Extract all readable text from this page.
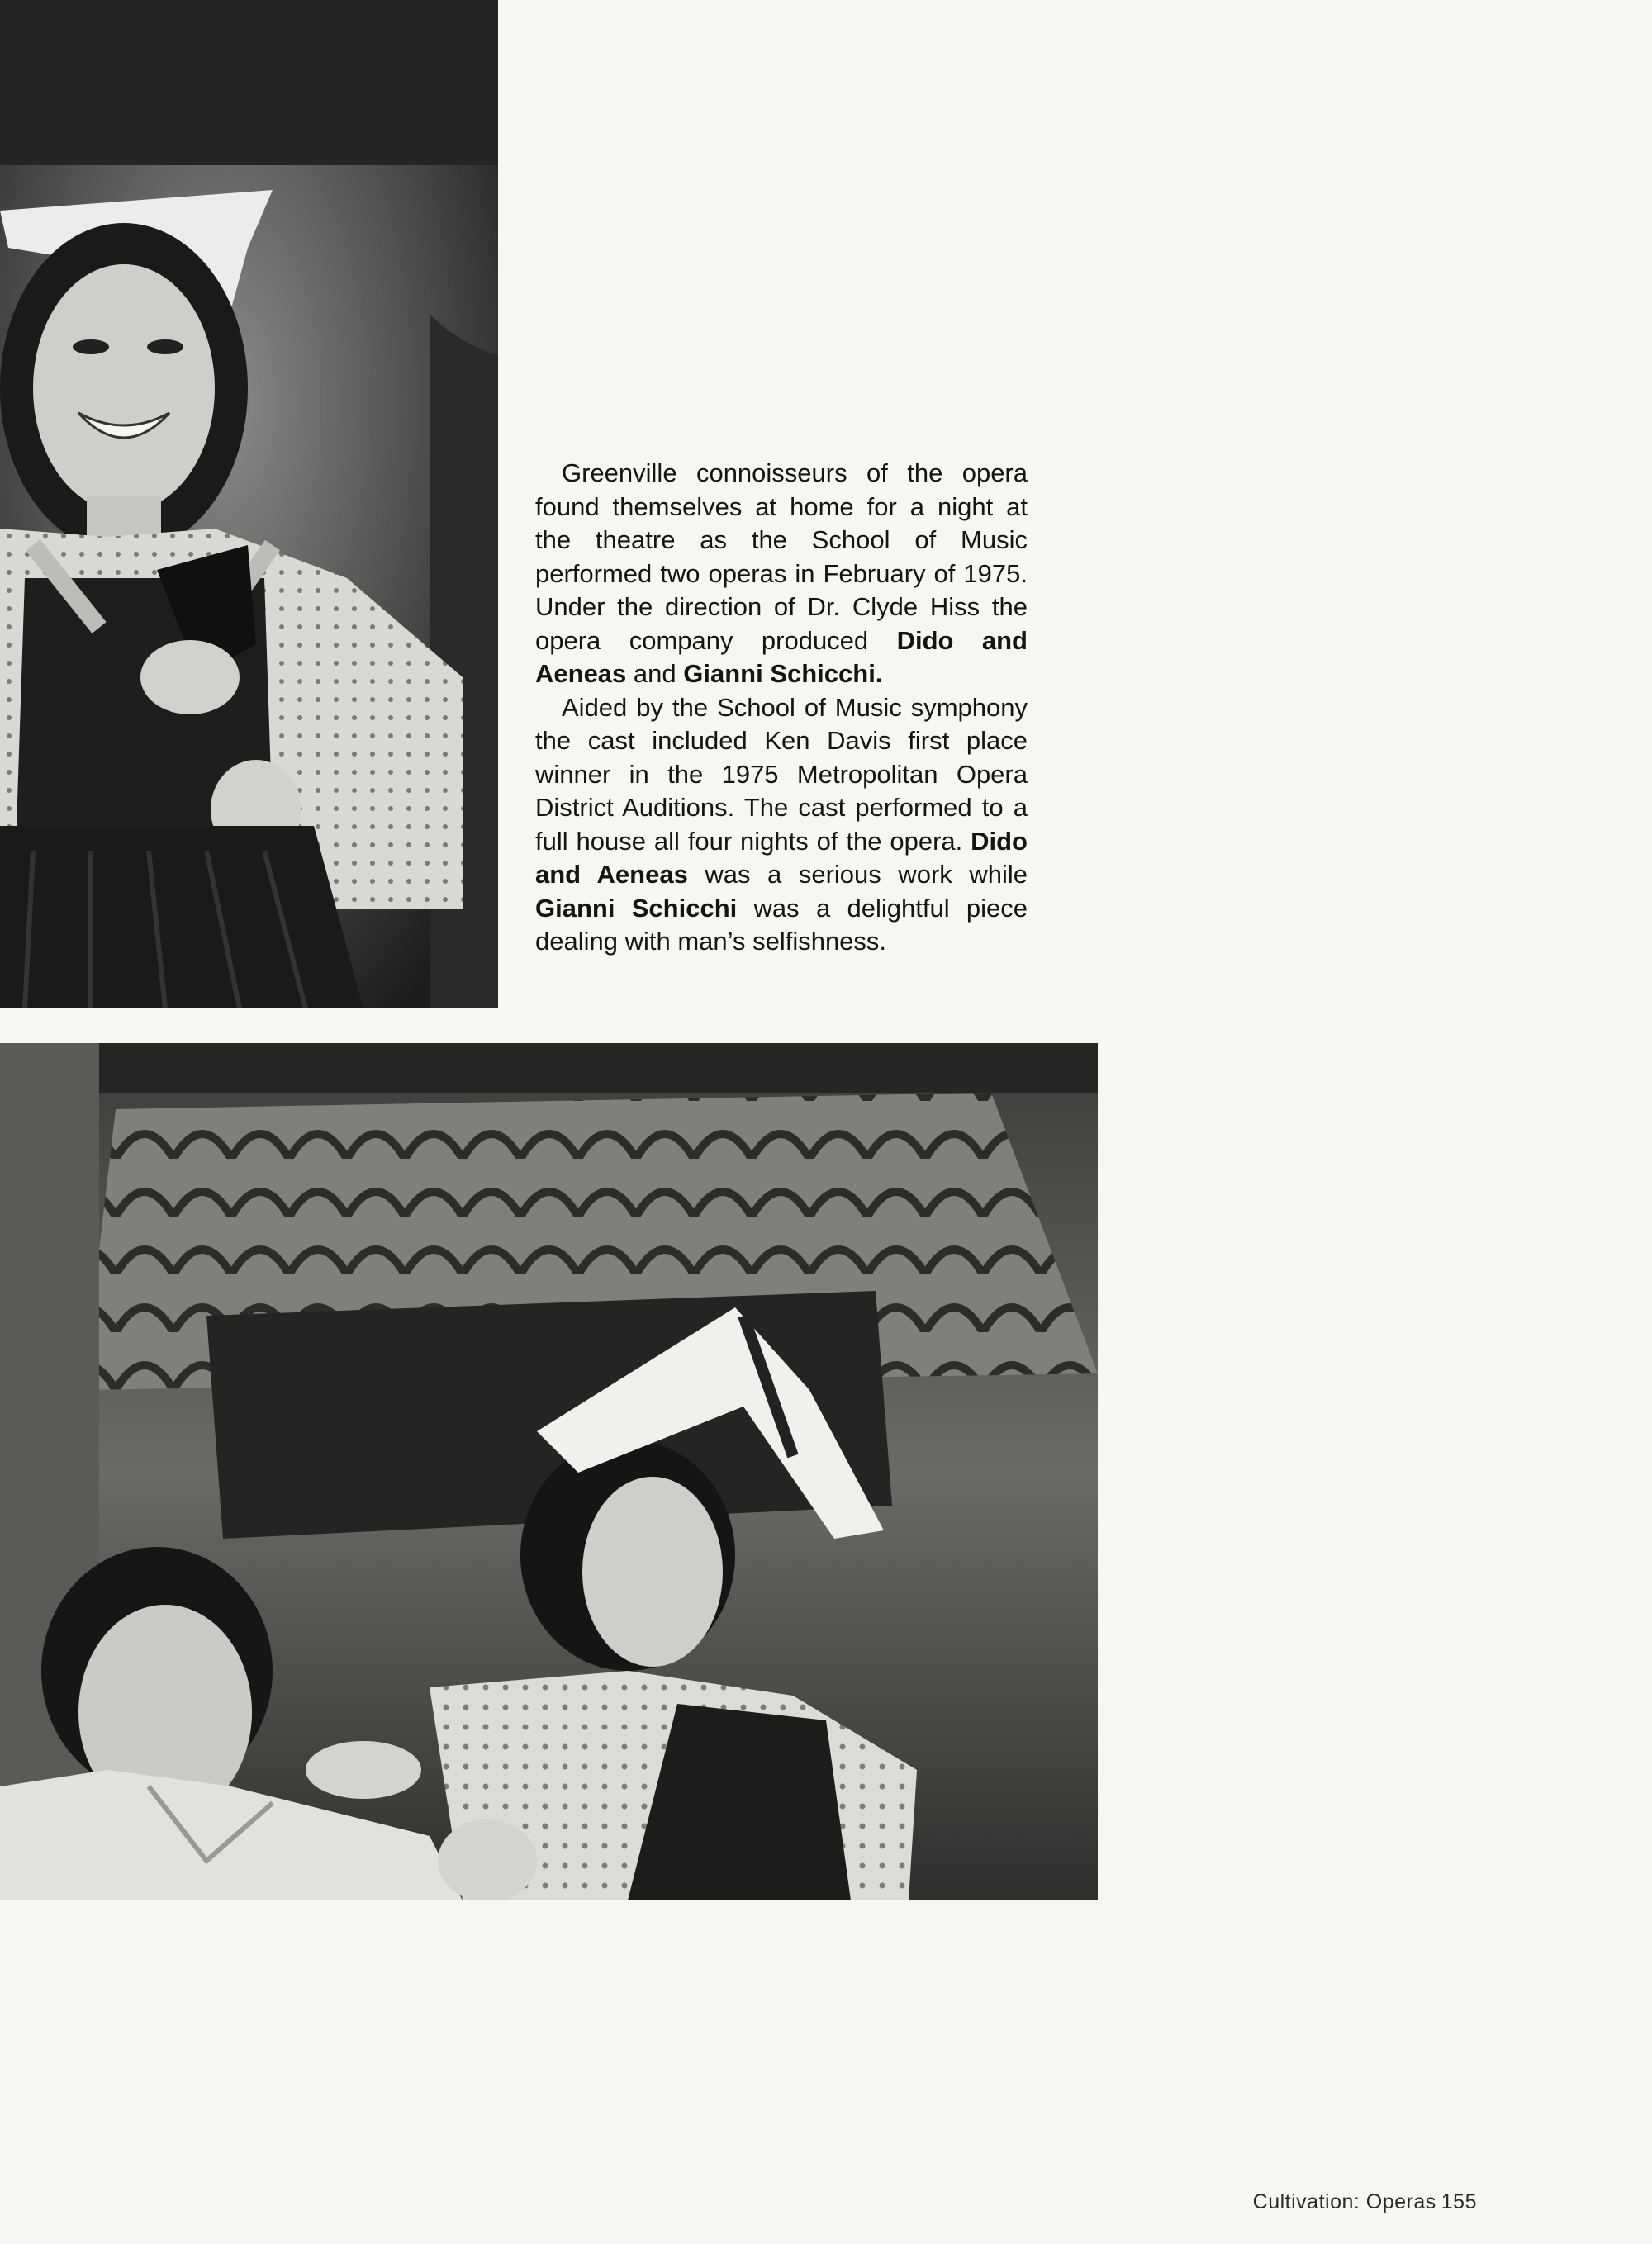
Greenville connoisseurs of the opera found themselves at home for a night at the theatre as the School of Music performed two operas in February of 1975. Under the direction of Dr. Clyde Hiss the opera company produced Dido and Aeneas and Gianni Schicchi.

Aided by the School of Music symphony the cast included Ken Davis first place winner in the 1975 Metropolitan Opera District Auditions. The cast performed to a full house all four nights of the opera. Dido and Aeneas was a serious work while Gianni Schicchi was a delightful piece dealing with man’s selfishness.

Cultivation: Operas 155
